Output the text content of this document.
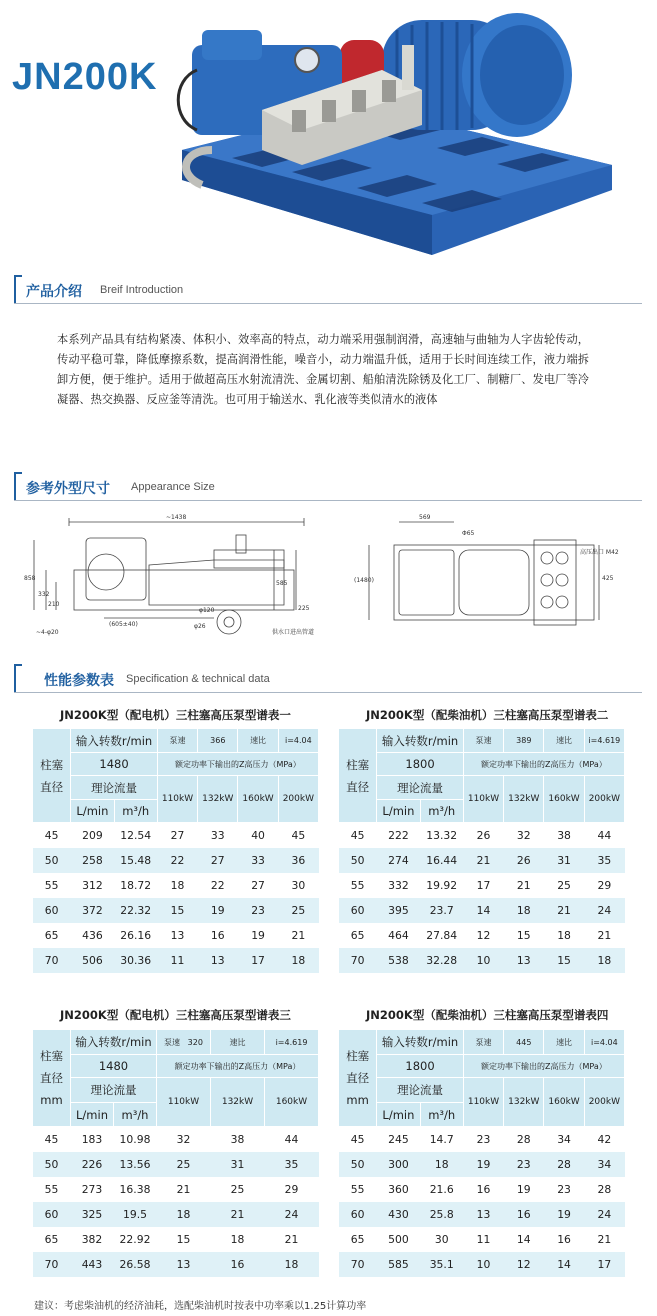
JN200K
产品介绍 Breif Introduction
本系列产品具有结构紧凑、体积小、效率高的特点，动力端采用强制润滑，高速轴与曲轴为人字齿轮传动，传动平稳可靠，降低摩擦系数，提高润滑性能，噪音小，动力端温升低，适用于长时间连续工作，液力端拆卸方便，便于维护。适用于做超高压水射流清洗、金属切割、船舶清洗除锈及化工厂、制糖厂、发电厂等冷凝器、热交换器、反应釜等清洗。也可用于输送水、乳化液等类似清水的液体
参考外型尺寸 Appearance Size
~1438
858
332
210
~4-φ20
(605±40)
585
225
φ120
φ26
供水口进出管道
569
Φ65
(1480)	425
高压出口 M42
性能参数表 Specification & technical data
JN200K型（配电机）三柱塞高压泵型谱表一
柱塞
直径	输入转数r/min		泵速	366	速比	i=4.04
	1480		额定功率下输出的Z高压力（MPa）			
	理论流量		110kW	132kW	160kW	200kW
	L/min	m³/h				
45	209	12.54	27	33	40	45
50	258	15.48	22	27	33	36
55	312	18.72	18	22	27	30
60	372	22.32	15	19	23	25
65	436	26.16	13	16	19	21
70	506	30.36	11	13	17	18
JN200K型（配柴油机）三柱塞高压泵型谱表二
柱塞
直径	输入转数r/min		泵速	389	速比	i=4.619
	1800		额定功率下输出的Z高压力（MPa）			
	理论流量		110kW	132kW	160kW	200kW
	L/min	m³/h				
45	222	13.32	26	32	38	44
50	274	16.44	21	26	31	35
55	332	19.92	17	21	25	29
60	395	23.7	14	18	21	24
65	464	27.84	12	15	18	21
70	538	32.28	10	13	15	18
JN200K型（配电机）三柱塞高压泵型谱表三
柱塞
直径
mm	输入转数r/min		泵速 320	速比	i=4.619
	1480		额定功率下输出的Z高压力（MPa）		
	理论流量		110kW	132kW	160kW
	L/min	m³/h			
45	183	10.98	32	38	44
50	226	13.56	25	31	35
55	273	16.38	21	25	29
60	325	19.5	18	21	24
65	382	22.92	15	18	21
70	443	26.58	13	16	18
JN200K型（配柴油机）三柱塞高压泵型谱表四
柱塞
直径
mm	输入转数r/min		泵速	445	速比	i=4.04
	1800		额定功率下输出的Z高压力（MPa）			
	理论流量		110kW	132kW	160kW	200kW
	L/min	m³/h				
45	245	14.7	23	28	34	42
50	300	18	19	23	28	34
55	360	21.6	16	19	23	28
60	430	25.8	13	16	19	24
65	500	30	11	14	16	21
70	585	35.1	10	12	14	17
建议：考虑柴油机的经济油耗，选配柴油机时按表中功率乘以1.25计算功率
